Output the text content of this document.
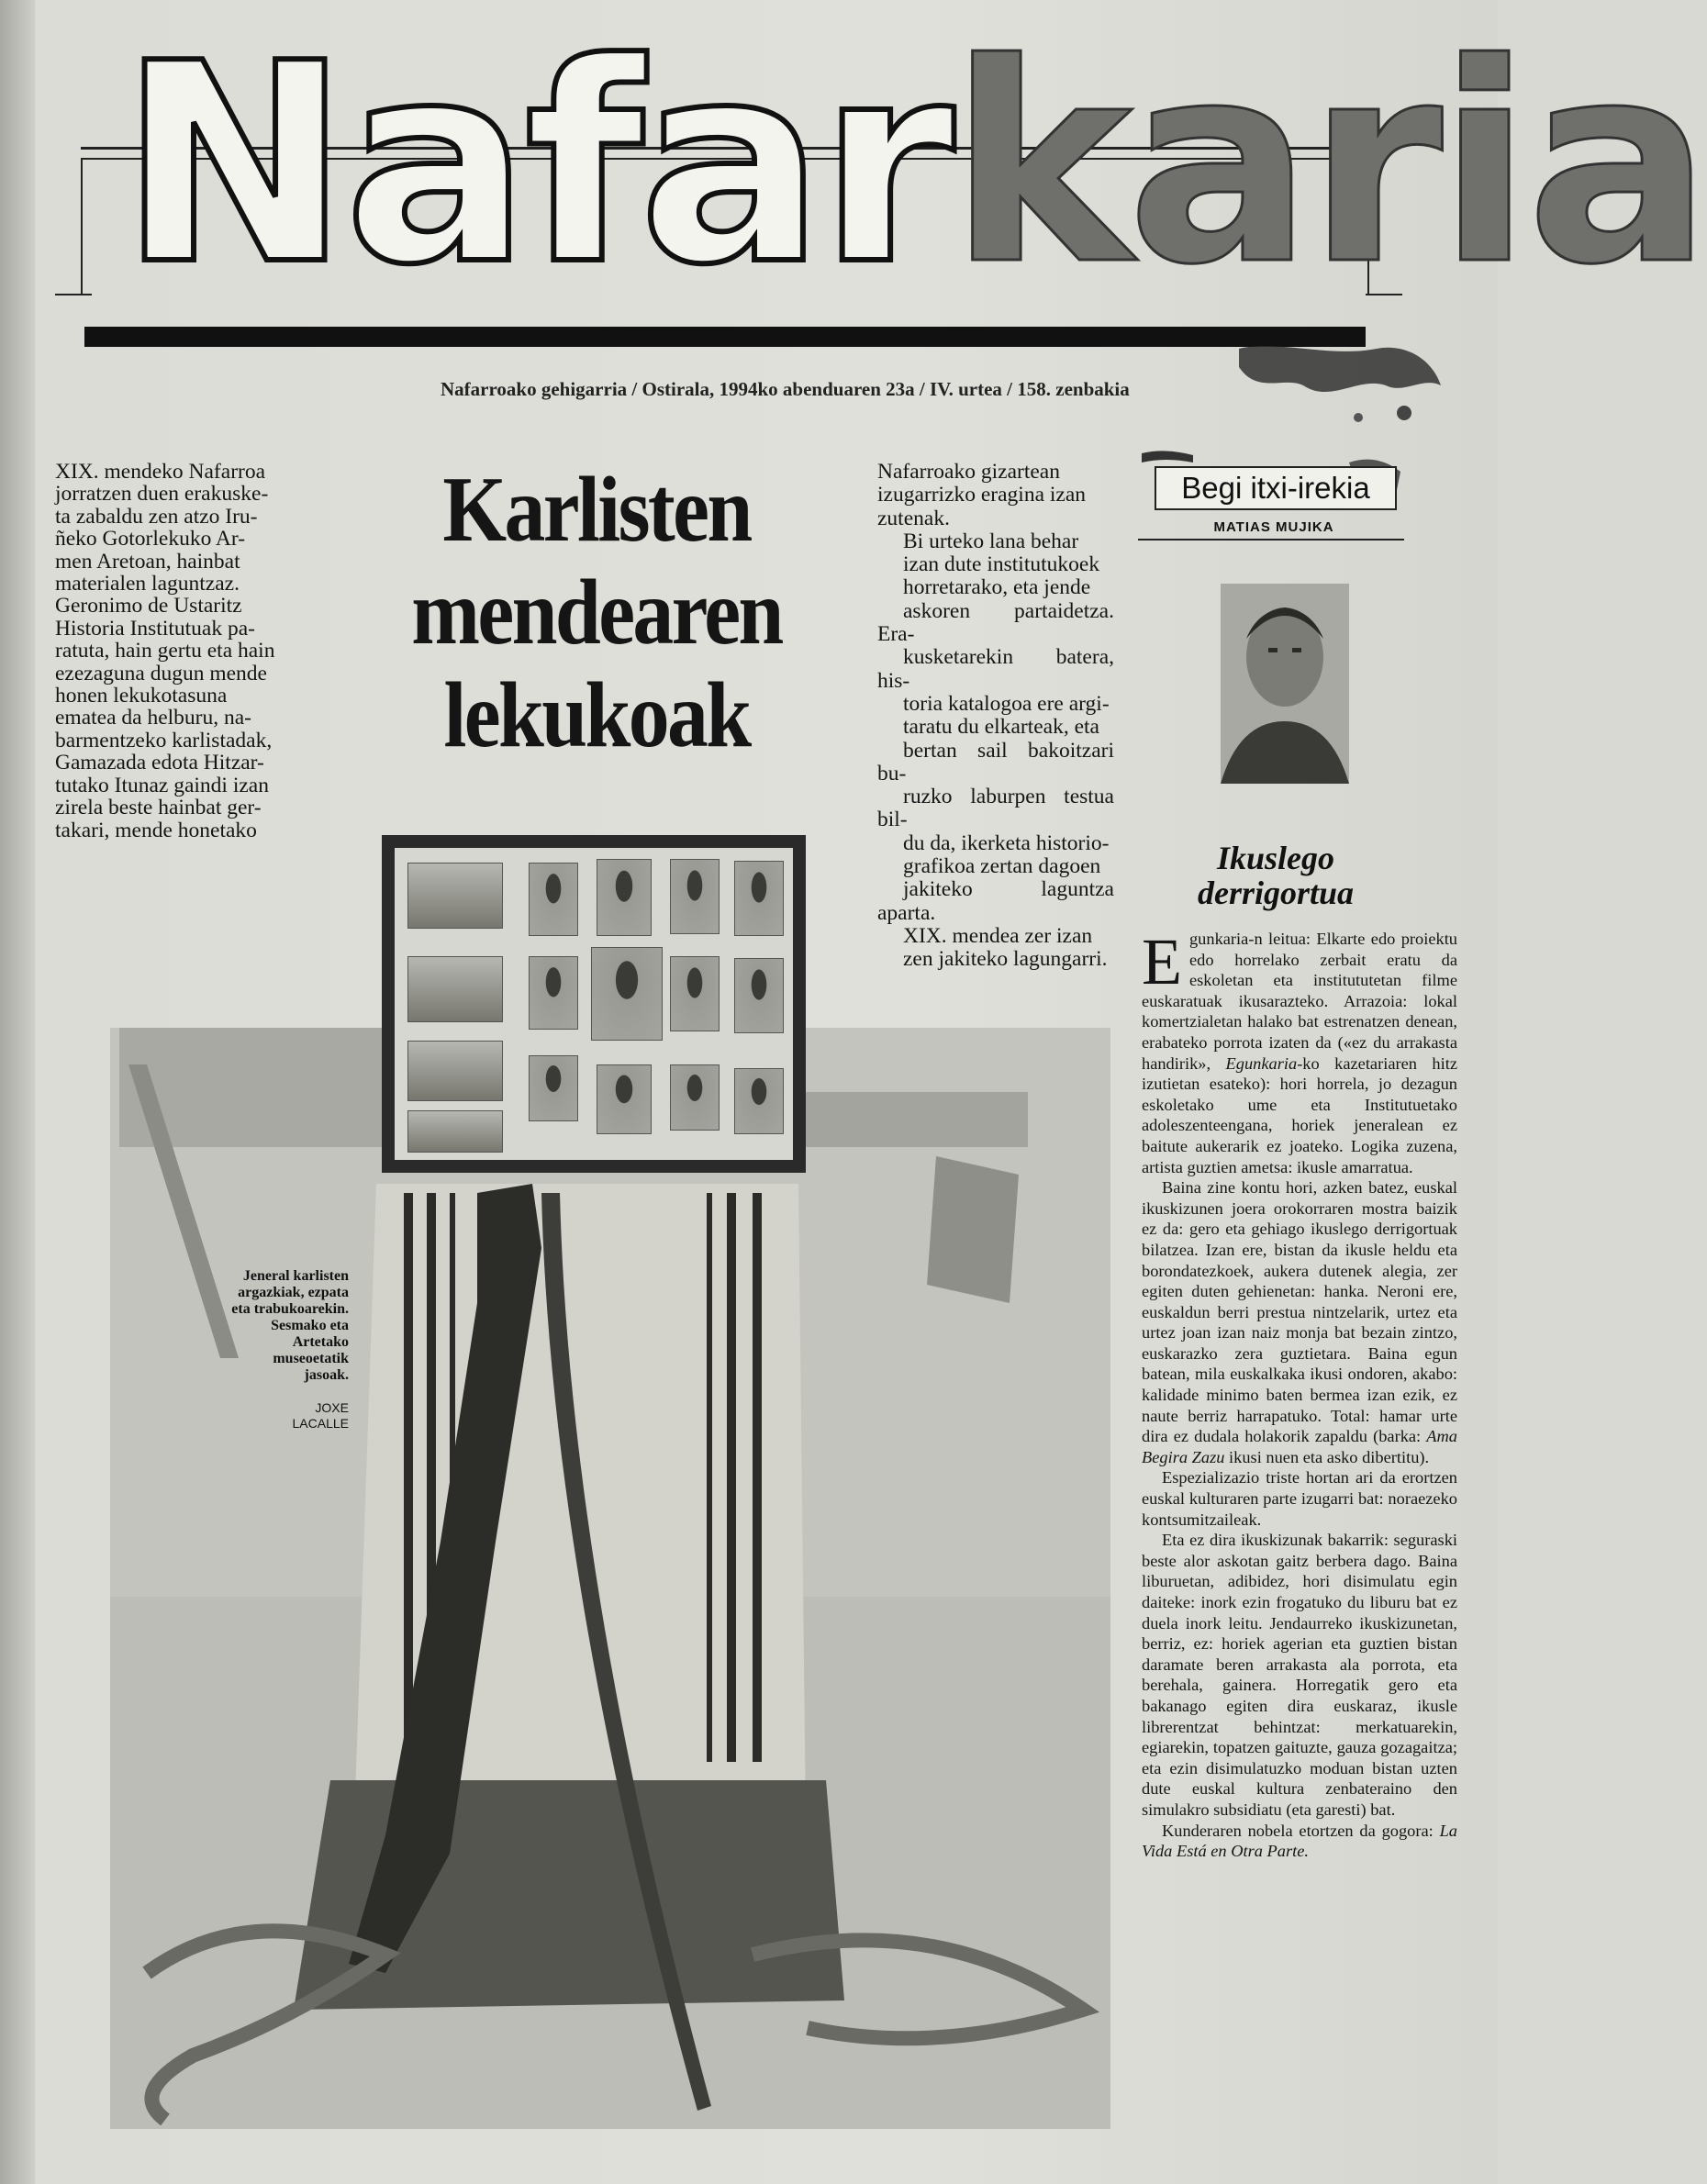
Nafarkaria
Nafarroako gehigarria / Ostirala, 1994ko abenduaren 23a / IV. urtea / 158. zenbakia
XIX. mendeko Nafarroa
jorratzen duen erakuske-
ta zabaldu zen atzo Iru-
ñeko Gotorlekuko Ar-
men Aretoan, hainbat
materialen laguntzaz.
Geronimo de Ustaritz
Historia Institutuak pa-
ratuta, hain gertu eta hain
ezezaguna dugun mende
honen lekukotasuna
ematea da helburu, na-
barmentzeko karlistadak,
Gamazada edota Hitzar-
tutako Itunaz gaindi izan
zirela beste hainbat ger-
takari, mende honetako
Karlisten
mendearen
lekukoak

Nafarroako gizartean
izugarrizko eragina izan
zutenak.

Bi urteko lana behar
izan dute institutukoek
horretarako, eta jende
askoren partaidetza. Era-
kusketarekin batera, his-
toria katalogoa ere argi-
taratu du elkarteak, eta
bertan sail bakoitzari bu-
ruzko laburpen testua bil-
du da, ikerketa historio-
grafikoa zertan dagoen
jakiteko laguntza aparta.
XIX. mendea zer izan
zen jakiteko lagungarri.

Jeneral karlisten
argazkiak, ezpata
eta trabukoarekin.
Sesmako eta
Artetako
museoetatik
jasoak.
JOXE
LACALLE
Begi itxi-irekia
MATIAS MUJIKA
Ikuslego
derrigortua

Egunkaria-n leitua: Elkarte edo proiektu edo horrelako zerbait eratu da eskoletan eta institututetan filme euskaratuak ikusarazteko. Arrazoia: lokal komertzialetan halako bat estrenatzen denean, erabateko porrota izaten da («ez du arrakasta handirik», Egunkaria-ko kazetariaren hitz izutietan esateko): hori horrela, jo dezagun eskoletako ume eta Institutuetako adoleszenteengana, horiek jeneralean ez baitute aukerarik ez joateko. Logika zuzena, artista guztien ametsa: ikusle amarratua.

Baina zine kontu hori, azken batez, euskal ikuskizunen joera orokorraren mostra baizik ez da: gero eta gehiago ikuslego derrigortuak bilatzea. Izan ere, bistan da ikusle heldu eta borondatezkoek, aukera dutenek alegia, zer egiten duten gehienetan: hanka. Neroni ere, euskaldun berri prestua nintzelarik, urtez eta urtez joan izan naiz monja bat bezain zintzo, euskarazko zera guztietara. Baina egun batean, mila euskalkaka ikusi ondoren, akabo: kalidade minimo baten bermea izan ezik, ez naute berriz harrapatuko. Total: hamar urte dira ez dudala holakorik zapaldu (barka: Ama Begira Zazu ikusi nuen eta asko dibertitu).

Espezializazio triste hortan ari da erortzen euskal kulturaren parte izugarri bat: noraezeko kontsumitzaileak.

Eta ez dira ikuskizunak bakarrik: seguraski beste alor askotan gaitz berbera dago. Baina liburuetan, adibidez, hori disimulatu egin daiteke: inork ezin frogatuko du liburu bat ez duela inork leitu. Jendaurreko ikuskizunetan, berriz, ez: horiek agerian eta guztien bistan daramate beren arrakasta ala porrota, eta berehala, gainera. Horregatik gero eta bakanago egiten dira euskaraz, ikusle librerentzat behintzat: merkatuarekin, egiarekin, topatzen gaituzte, gauza gozagaitza; eta ezin disimulatuzko moduan bistan uzten dute euskal kultura zenbateraino den simulakro subsidiatu (eta garesti) bat.

Kunderaren nobela etortzen da gogora: La Vida Está en Otra Parte.
